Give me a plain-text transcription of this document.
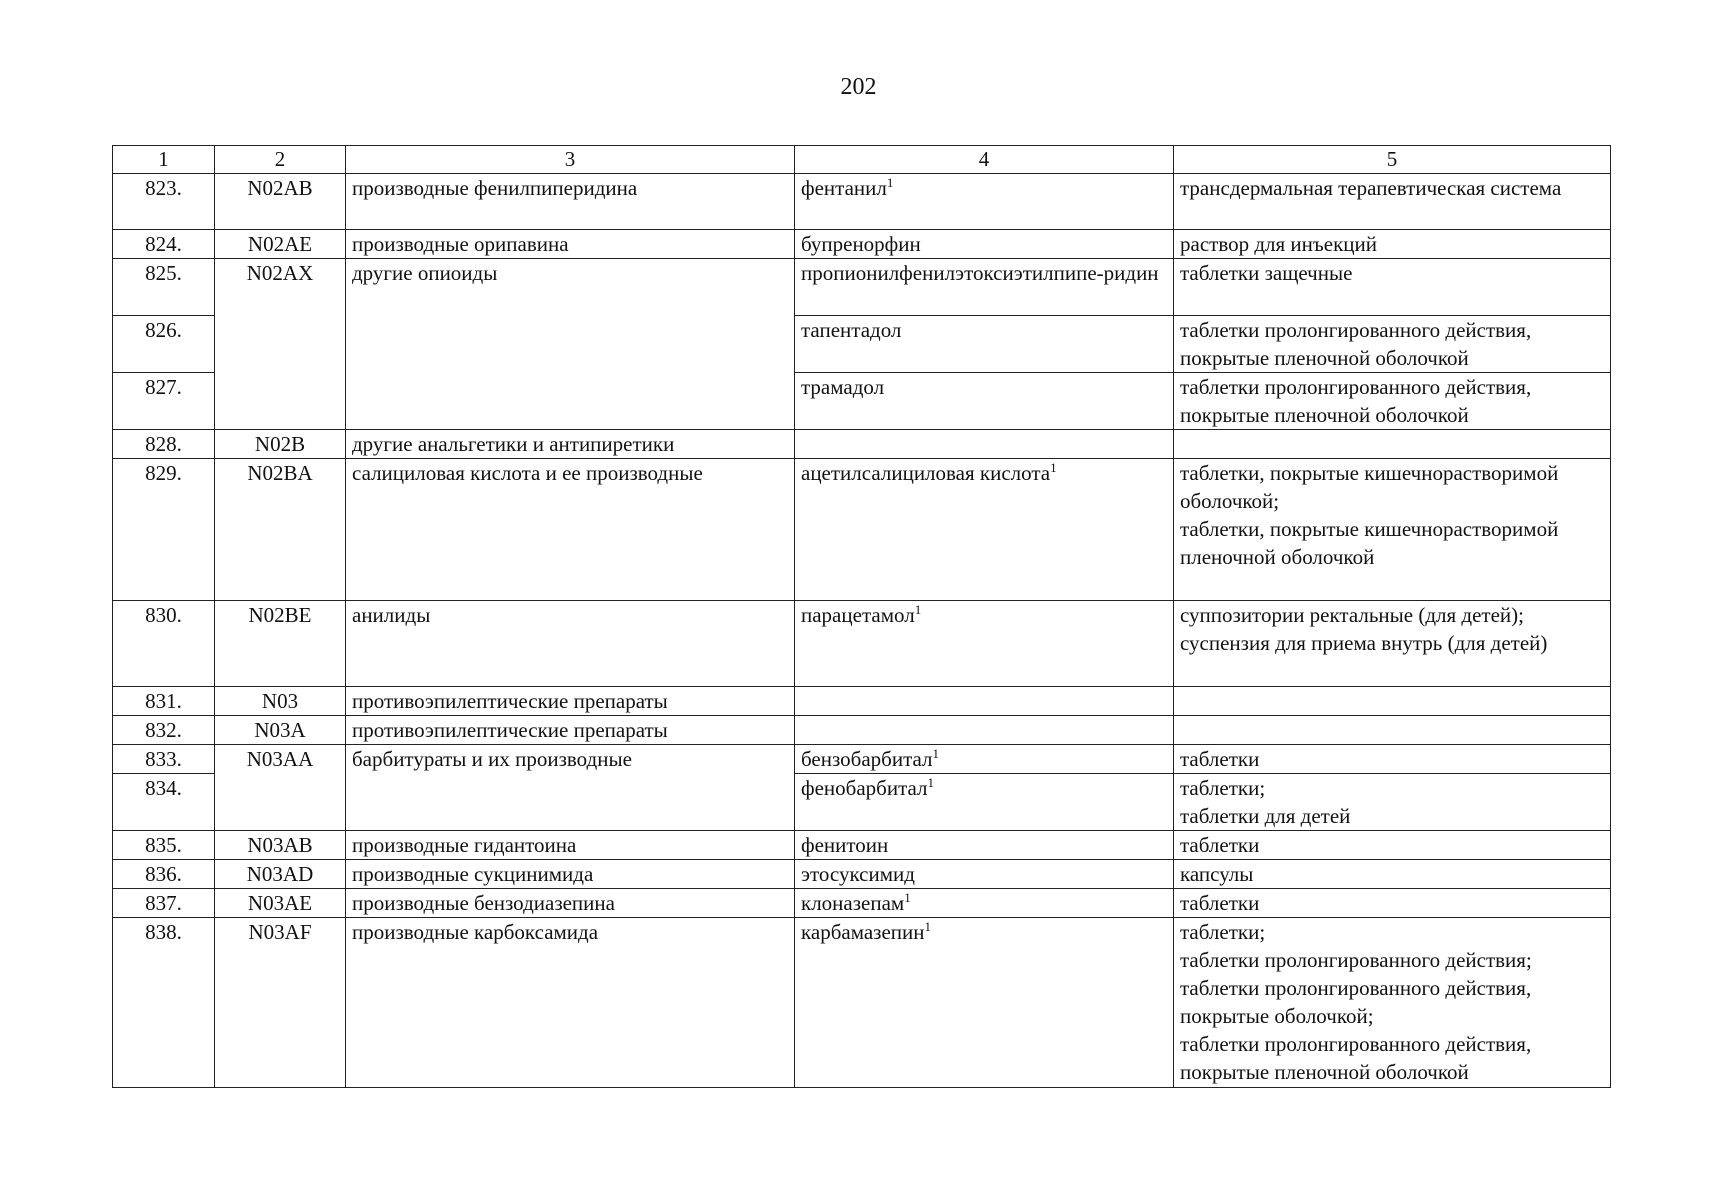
202
1	2	3	4	5
823.	N02AB	производные фенилпиперидина	фентанил$^1$	трансдермальная терапевтическая система

824.	N02AE	производные орипавина	бупренорфин	раствор для инъекций

825.	N02AX	другие опиоиды	пропионилфенилэтоксиэтилпипе-ридин	таблетки защечные

826.			тапентадол	таблетки пролонгированного действия, покрытые пленочной оболочкой

827.			трамадол	таблетки пролонгированного действия, покрытые пленочной оболочкой

828.	N02B	другие анальгетики и антипиретики		
829.	N02BA	салициловая кислота и ее производные	ацетилсалициловая кислота$^1$	таблетки, покрытые кишечнорастворимой оболочкой;
таблетки, покрытые кишечнорастворимой пленочной оболочкой

830.	N02BE	анилиды	парацетамол$^1$	суппозитории ректальные (для детей);
суспензия для приема внутрь (для детей)

831.	N03	противоэпилептические препараты		
832.	N03A	противоэпилептические препараты		
833.	N03AA	барбитураты и их производные	бензобарбитал$^1$	таблетки

834.			фенобарбитал$^1$	таблетки;
таблетки для детей

835.	N03AB	производные гидантоина	фенитоин	таблетки

836.	N03AD	производные сукцинимида	этосуксимид	капсулы

837.	N03AE	производные бензодиазепина	клоназепам$^1$	таблетки

838.	N03AF	производные карбоксамида	карбамазепин$^1$	таблетки;
таблетки пролонгированного действия;
таблетки пролонгированного действия, покрытые оболочкой;
таблетки пролонгированного действия, покрытые пленочной оболочкой
